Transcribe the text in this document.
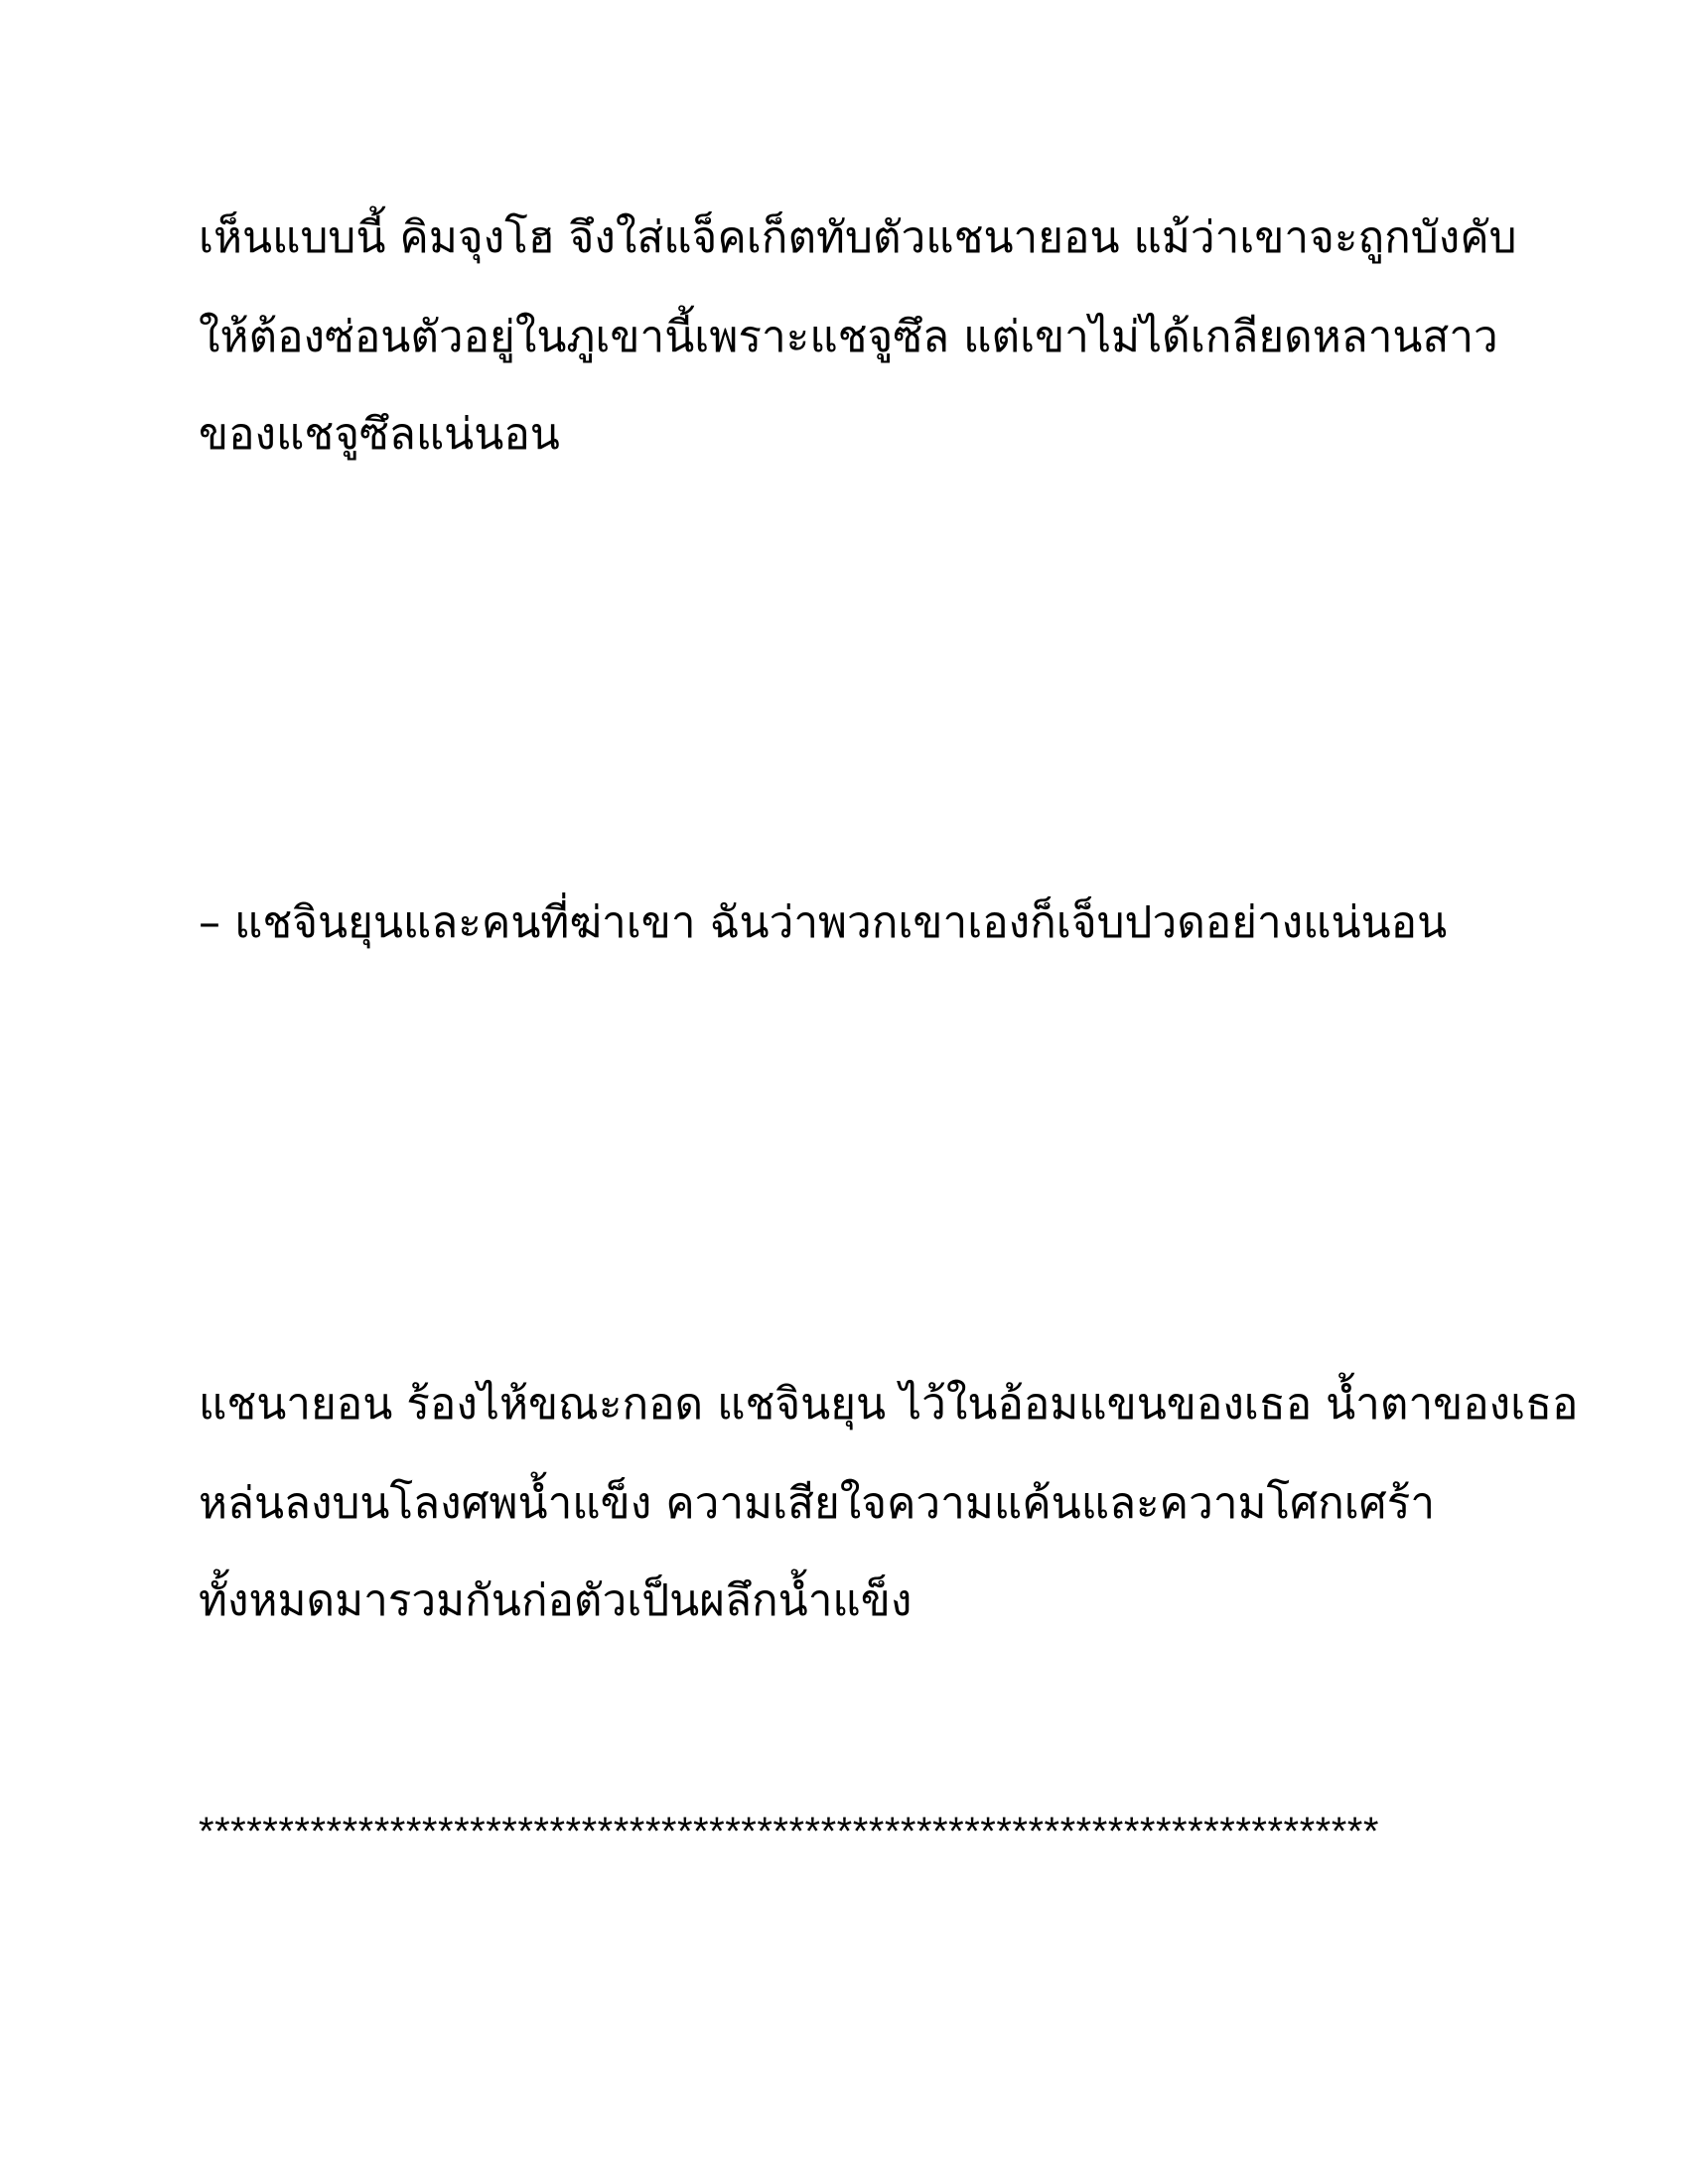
เห็นแบบนี้ คิมจุงโฮ จึงใส่แจ็คเก็ตทับตัวแชนายอน แม้ว่าเขาจะถูกบังคับ

ให้ต้องซ่อนตัวอยู่ในภูเขานี้เพราะแชจูซึล แต่เขาไม่ได้เกลียดหลานสาว

ของแชจูซึลแน่นอน

– แชจินยุนและคนที่ฆ่าเขา ฉันว่าพวกเขาเองก็เจ็บปวดอย่างแน่นอน

แชนายอน ร้องไห้ขณะกอด แชจินยุน ไว้ในอ้อมแขนของเธอ น้ำตาของเธอ

หล่นลงบนโลงศพน้ำแข็ง ความเสียใจความแค้นและความโศกเศร้า

ทั้งหมดมารวมกันก่อตัวเป็นผลึกน้ำแข็ง

**************************************************************************
